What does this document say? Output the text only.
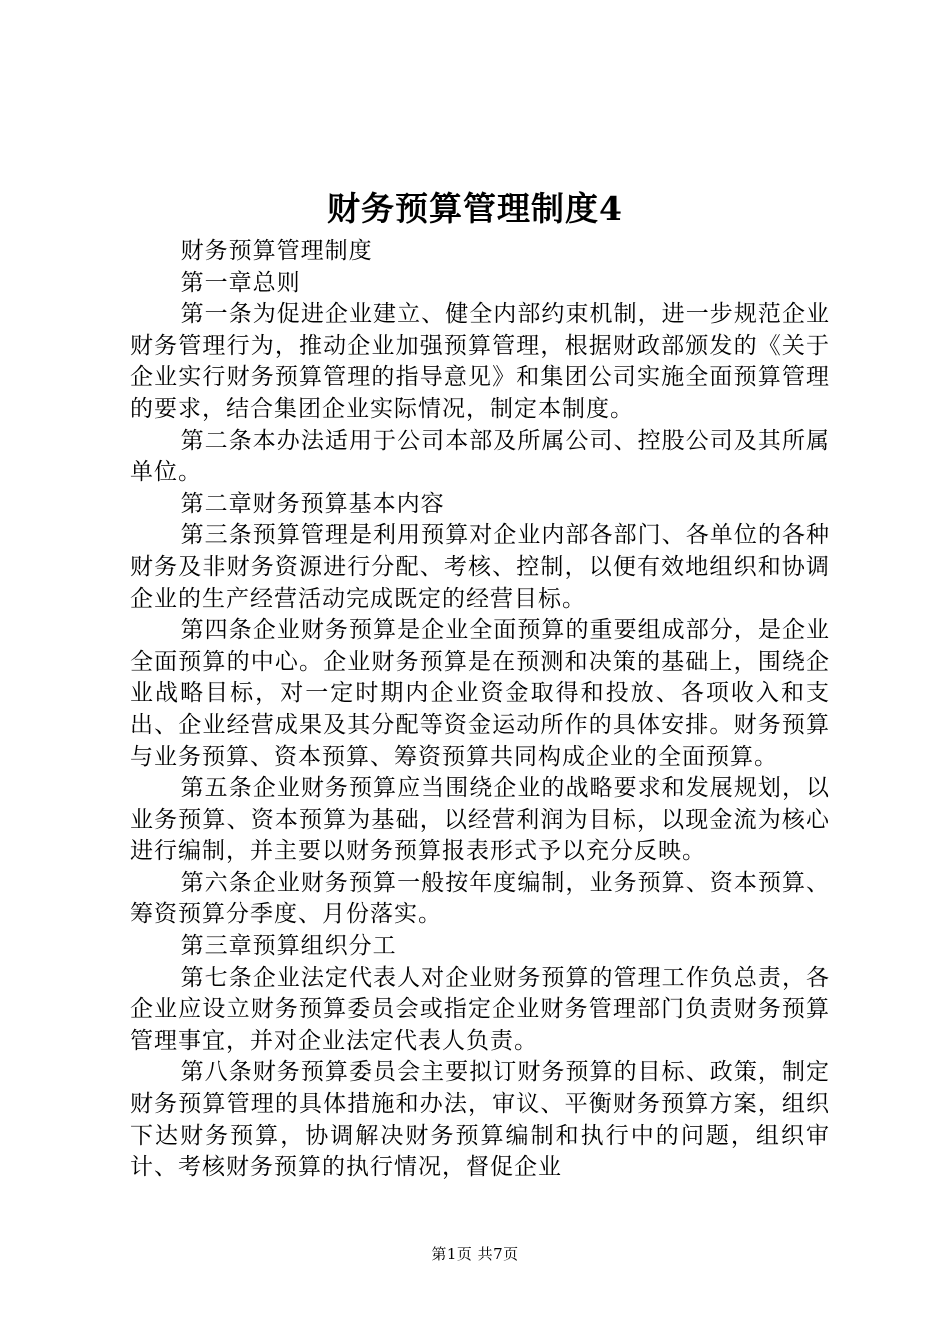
财务预算管理制度4

财务预算管理制度

第一章总则

第一条为促进企业建立、健全内部约束机制，进一步规范企业财务管理行为，推动企业加强预算管理，根据财政部颁发的《关于企业实行财务预算管理的指导意见》和集团公司实施全面预算管理的要求，结合集团企业实际情况，制定本制度。

第二条本办法适用于公司本部及所属公司、控股公司及其所属单位。

第二章财务预算基本内容

第三条预算管理是利用预算对企业内部各部门、各单位的各种财务及非财务资源进行分配、考核、控制，以便有效地组织和协调企业的生产经营活动完成既定的经营目标。

第四条企业财务预算是企业全面预算的重要组成部分，是企业全面预算的中心。企业财务预算是在预测和决策的基础上，围绕企业战略目标，对一定时期内企业资金取得和投放、各项收入和支出、企业经营成果及其分配等资金运动所作的具体安排。财务预算与业务预算、资本预算、筹资预算共同构成企业的全面预算。

第五条企业财务预算应当围绕企业的战略要求和发展规划，以业务预算、资本预算为基础，以经营利润为目标，以现金流为核心进行编制，并主要以财务预算报表形式予以充分反映。

第六条企业财务预算一般按年度编制，业务预算、资本预算、筹资预算分季度、月份落实。

第三章预算组织分工

第七条企业法定代表人对企业财务预算的管理工作负总责，各企业应设立财务预算委员会或指定企业财务管理部门负责财务预算管理事宜，并对企业法定代表人负责。

第八条财务预算委员会主要拟订财务预算的目标、政策，制定财务预算管理的具体措施和办法，审议、平衡财务预算方案，组织下达财务预算，协调解决财务预算编制和执行中的问题，组织审计、考核财务预算的执行情况，督促企业

第1页 共7页
